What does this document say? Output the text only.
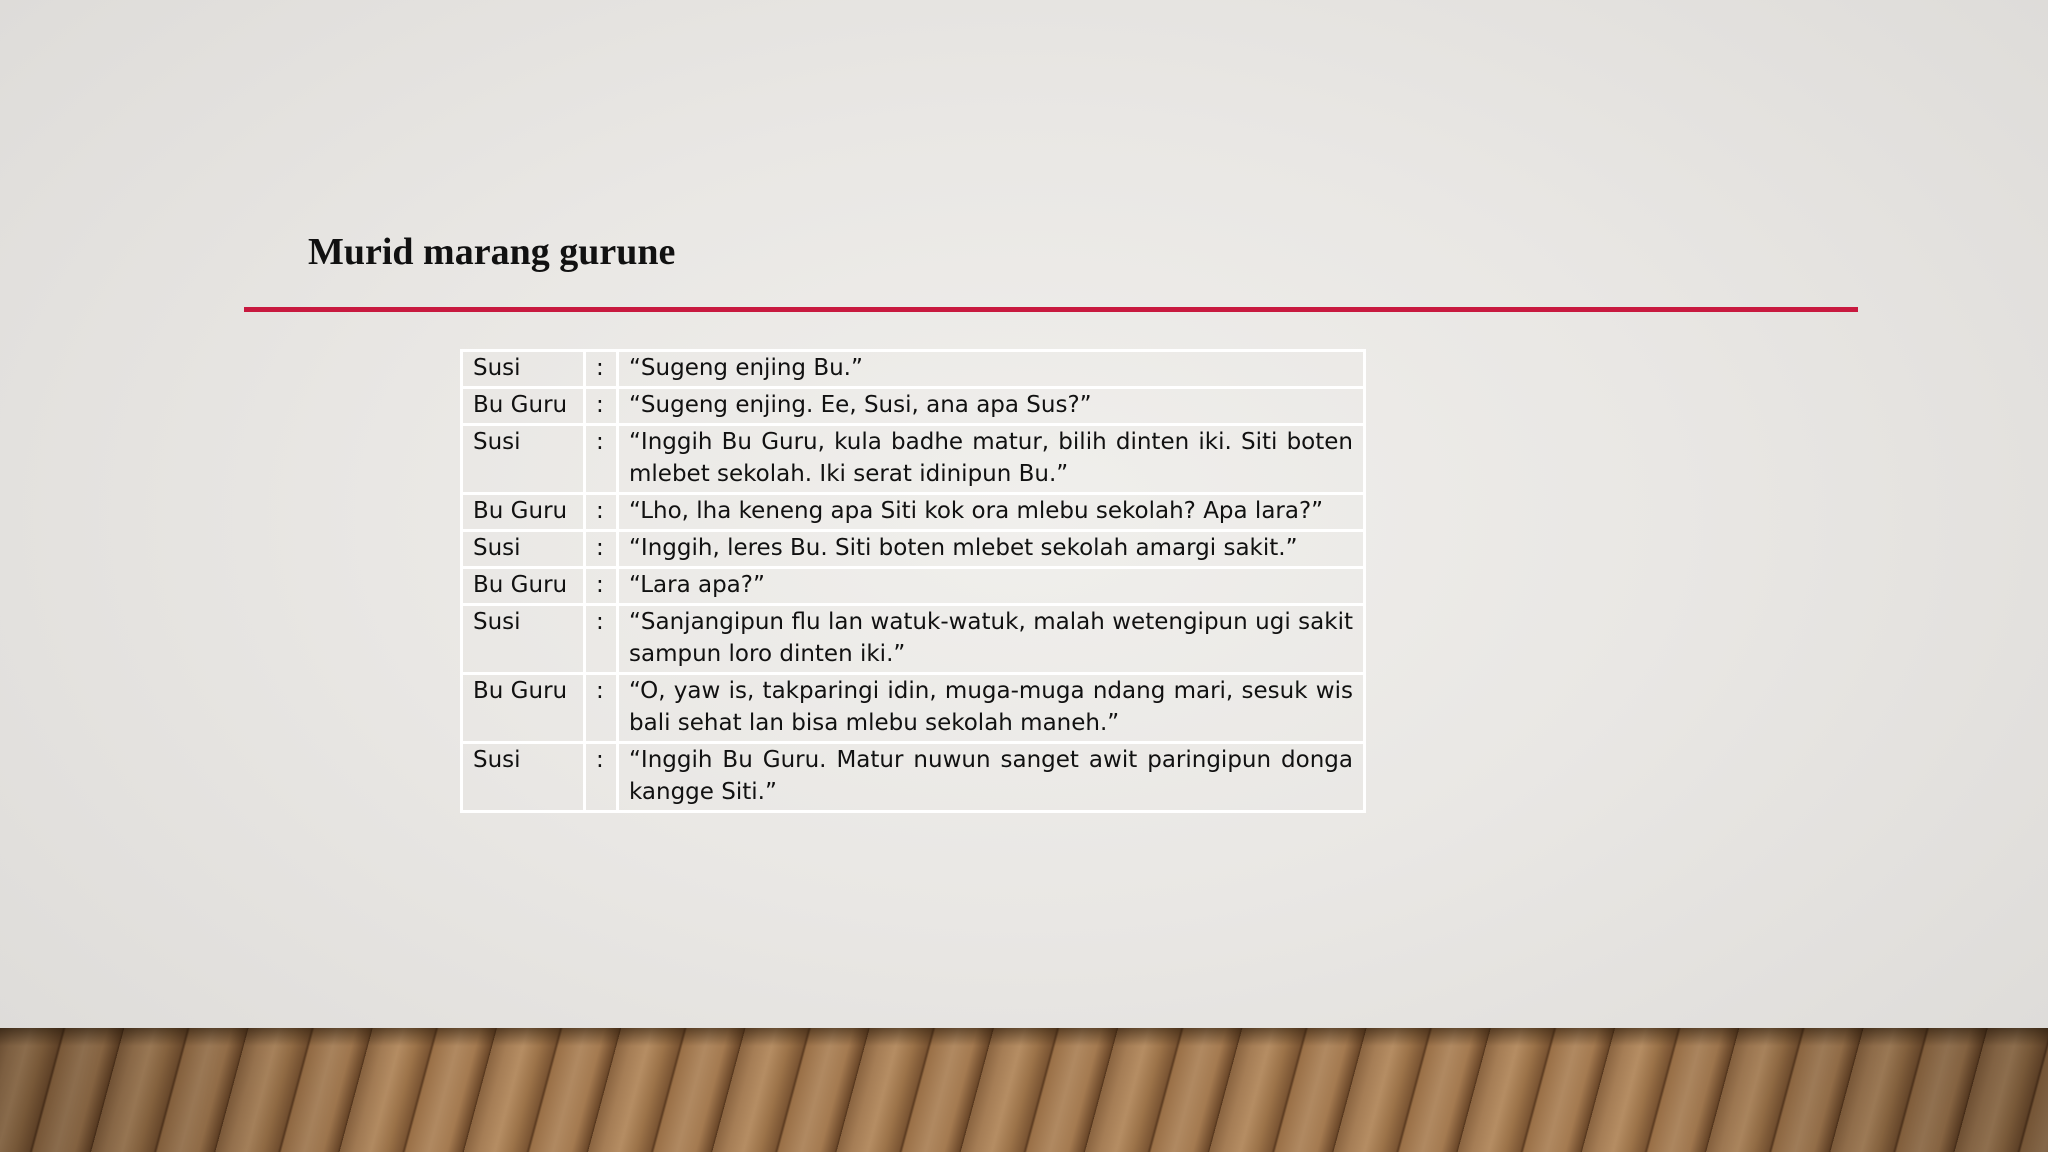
Murid marang gurune
Susi	:	“Sugeng enjing Bu.”
Bu Guru	:	“Sugeng enjing. Ee, Susi, ana apa Sus?”
Susi	:	“Inggih Bu Guru, kula badhe matur, bilih dinten iki. Siti boten mlebet sekolah. Iki serat idinipun Bu.”
Bu Guru	:	“Lho, lha keneng apa Siti kok ora mlebu sekolah? Apa lara?”
Susi	:	“Inggih, leres Bu. Siti boten mlebet sekolah amargi sakit.”
Bu Guru	:	“Lara apa?”
Susi	:	“Sanjangipun flu lan watuk-watuk, malah wetengipun ugi sakit sampun loro dinten iki.”
Bu Guru	:	“O, yaw is, takparingi idin, muga-muga ndang mari, sesuk wis bali sehat lan bisa mlebu sekolah maneh.”
Susi	:	“Inggih Bu Guru. Matur nuwun sanget awit paringipun donga kangge Siti.”
